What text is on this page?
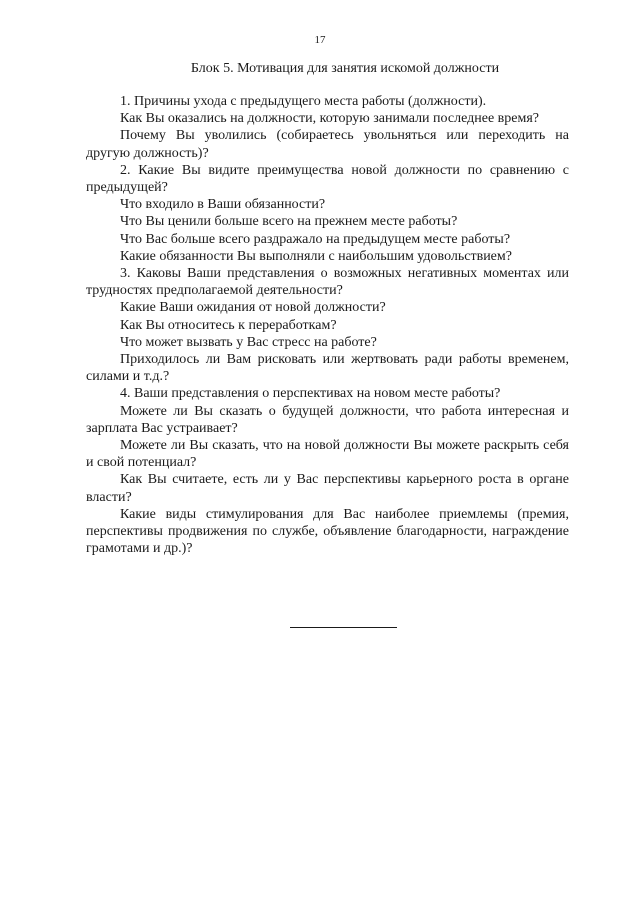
17
Блок 5. Мотивация для занятия искомой должности

1. Причины ухода с предыдущего места работы (должности).

Как Вы оказались на должности, которую занимали последнее время?

Почему Вы уволились (собираетесь увольняться или переходить на другую должность)?

2. Какие Вы видите преимущества новой должности по сравнению с предыдущей?

Что входило в Ваши обязанности?

Что Вы ценили больше всего на прежнем месте работы?

Что Вас больше всего раздражало на предыдущем месте работы?

Какие обязанности Вы выполняли с наибольшим удовольствием?

3. Каковы Ваши представления о возможных негативных моментах или трудностях предполагаемой деятельности?

Какие Ваши ожидания от новой должности?

Как Вы относитесь к переработкам?

Что может вызвать у Вас стресс на работе?

Приходилось ли Вам рисковать или жертвовать ради работы временем, силами и т.д.?

4. Ваши представления о перспективах на новом месте работы?

Можете ли Вы сказать о будущей должности, что работа интересная и зарплата Вас устраивает?

Можете ли Вы сказать, что на новой должности Вы можете раскрыть себя и свой потенциал?

Как Вы считаете, есть ли у Вас перспективы карьерного роста в органе власти?

Какие виды стимулирования для Вас наиболее приемлемы (премия, перспективы продвижения по службе, объявление благодарности, награждение грамотами и др.)?
